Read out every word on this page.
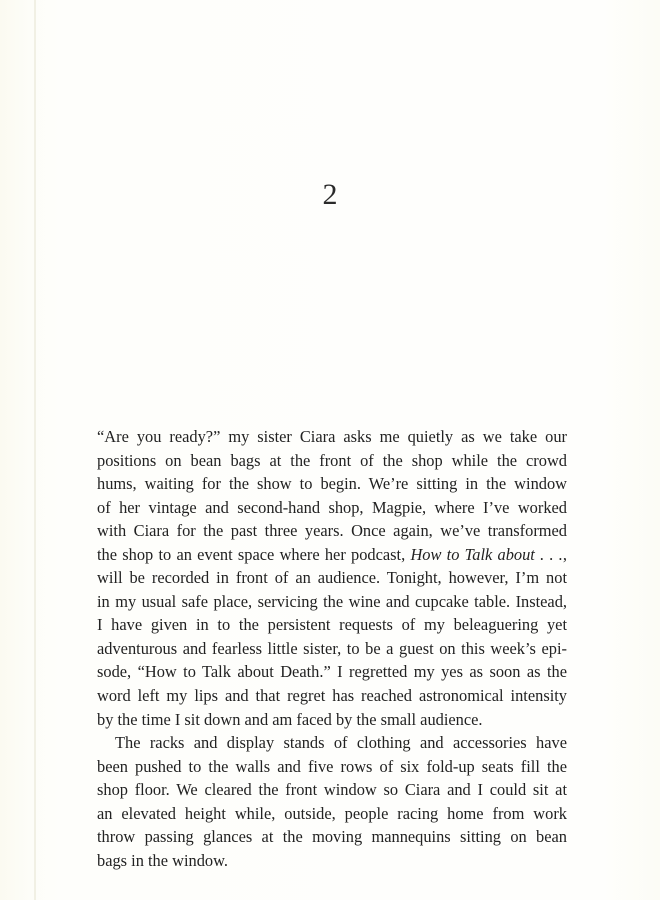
2
“Are you ready?” my sister Ciara asks me quietly as we take our
positions on bean bags at the front of the shop while the crowd
hums, waiting for the show to begin. We’re sitting in the window
of her vintage and second-hand shop, Magpie, where I’ve worked
with Ciara for the past three years. Once again, we’ve transformed
the shop to an event space where her podcast, How to Talk about . . .,
will be recorded in front of an audience. Tonight, however, I’m not
in my usual safe place, servicing the wine and cupcake table. Instead,
I have given in to the persistent requests of my beleaguering yet
adventurous and fearless little sister, to be a guest on this week’s epi-
sode, “How to Talk about Death.” I regretted my yes as soon as the
word left my lips and that regret has reached astronomical intensity
by the time I sit down and am faced by the small audience.
The racks and display stands of clothing and accessories have
been pushed to the walls and five rows of six fold-up seats fill the
shop floor. We cleared the front window so Ciara and I could sit at
an elevated height while, outside, people racing home from work
throw passing glances at the moving mannequins sitting on bean
bags in the window.
